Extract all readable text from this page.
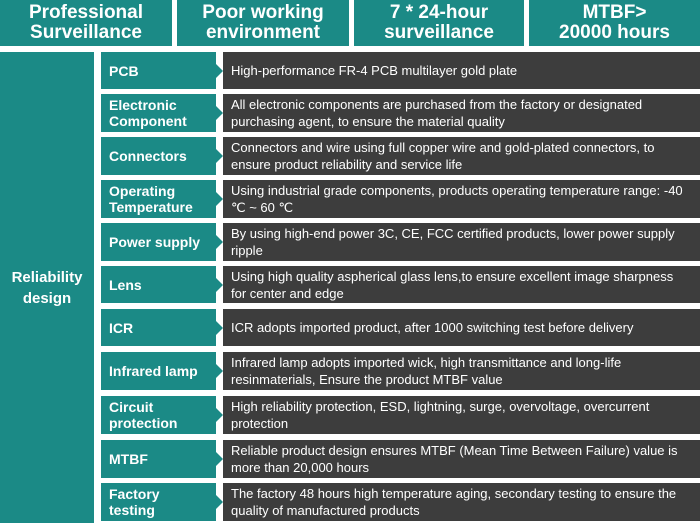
Professional
Surveillance
Poor working
environment
7 * 24-hour
surveillance
MTBF>
20000 hours
Reliability
design
PCB	High-performance FR-4 PCB multilayer gold plate
Electronic
Component
All electronic components are purchased from the factory or designated purchasing agent, to ensure the material quality
Connectors
Connectors and wire using full copper wire and gold-plated connectors, to ensure product reliability and service life
Operating
Temperature
Using industrial grade components, products operating temperature range: -40 ℃ ~ 60 ℃
Power supply
By using high-end power 3C, CE, FCC certified products, lower power supply ripple
Lens
Using high quality aspherical glass lens,to ensure excellent image sharpness for center and edge
ICR	ICR adopts imported product, after 1000 switching test before delivery
Infrared lamp
Infrared lamp adopts imported wick, high transmittance and long-life resinmaterials, Ensure the product MTBF value
Circuit
protection
High reliability protection, ESD, lightning, surge, overvoltage, overcurrent protection
MTBF
Reliable product design ensures MTBF (Mean Time Between Failure) value is more than 20,000 hours
Factory
testing
The factory 48 hours high temperature aging, secondary testing to ensure the quality of manufactured products
